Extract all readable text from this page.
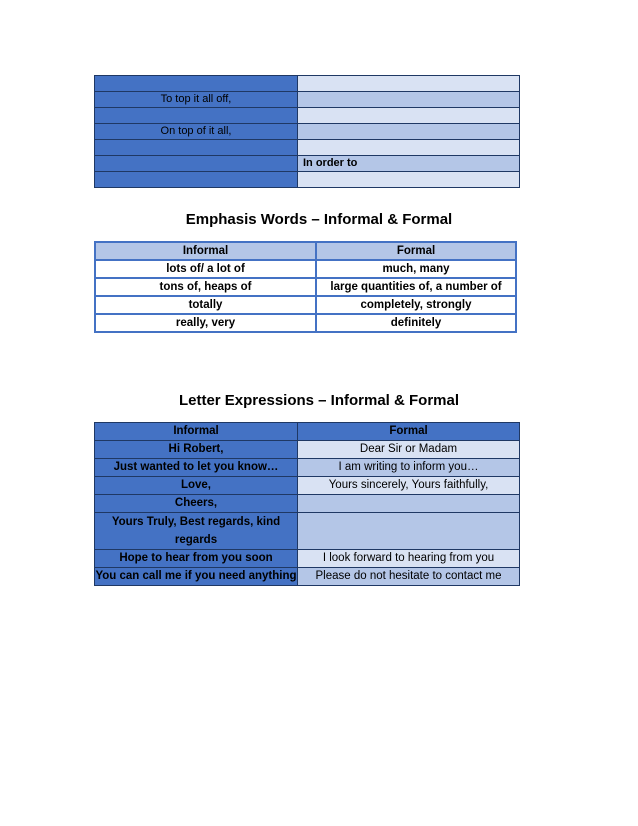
To top it all off,	

On top of it all,	

	In order to

Emphasis Words – Informal & Formal
Informal	Formal
lots of/ a lot of	much, many
tons of, heaps of	large quantities of, a number of
totally	completely, strongly
really, very	definitely
Letter Expressions – Informal & Formal
Informal	Formal
Hi Robert,	Dear Sir or Madam
Just wanted to let you know…	I am writing to inform you…
Love,	Yours sincerely, Yours faithfully,
Cheers,	
Yours Truly, Best regards, kind regards	
Hope to hear from you soon	I look forward to hearing from you
You can call me if you need anything	Please do not hesitate to contact me
